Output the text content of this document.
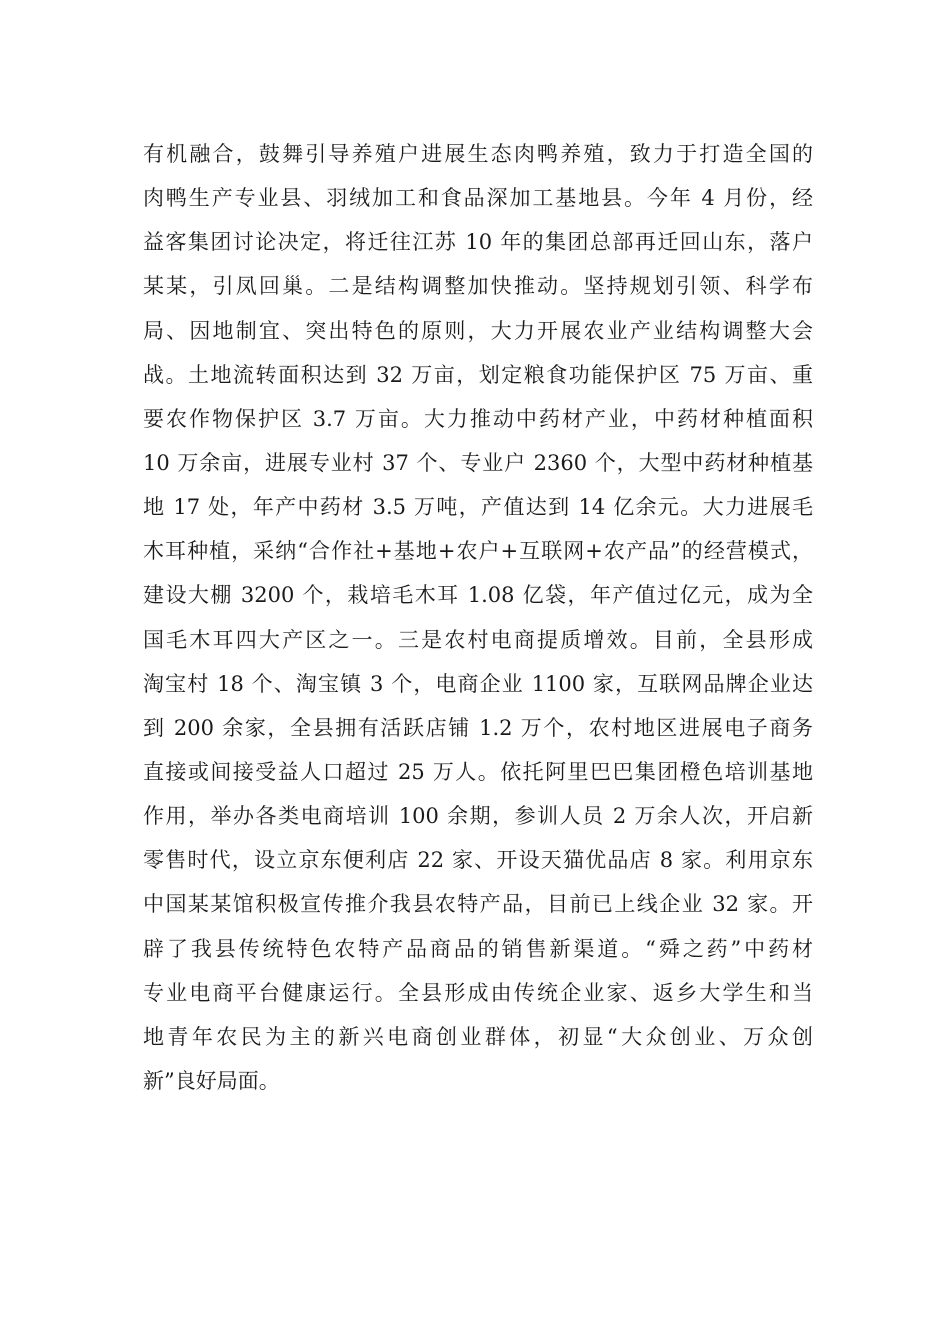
有机融合，鼓舞引导养殖户进展生态肉鸭养殖，致力于打造全国的
肉鸭生产专业县、羽绒加工和食品深加工基地县。今年 4 月份，经
益客集团讨论决定，将迁往江苏 10 年的集团总部再迁回山东，落户
某某，引凤回巢。二是结构调整加快推动。坚持规划引领、科学布
局、因地制宜、突出特色的原则，大力开展农业产业结构调整大会
战。土地流转面积达到 32 万亩，划定粮食功能保护区 75 万亩、重
要农作物保护区 3.7 万亩。大力推动中药材产业，中药材种植面积
10 万余亩，进展专业村 37 个、专业户 2360 个，大型中药材种植基
地 17 处，年产中药材 3.5 万吨，产值达到 14 亿余元。大力进展毛
木耳种植，采纳“合作社+基地+农户+互联网+农产品”的经营模式，
建设大棚 3200 个，栽培毛木耳 1.08 亿袋，年产值过亿元，成为全
国毛木耳四大产区之一。三是农村电商提质增效。目前，全县形成
淘宝村 18 个、淘宝镇 3 个，电商企业 1100 家，互联网品牌企业达
到 200 余家，全县拥有活跃店铺 1.2 万个，农村地区进展电子商务
直接或间接受益人口超过 25 万人。依托阿里巴巴集团橙色培训基地
作用，举办各类电商培训 100 余期，参训人员 2 万余人次，开启新
零售时代，设立京东便利店 22 家、开设天猫优品店 8 家。利用京东
中国某某馆积极宣传推介我县农特产品，目前已上线企业 32 家。开
辟了我县传统特色农特产品商品的销售新渠道。“舜之药”中药材
专业电商平台健康运行。全县形成由传统企业家、返乡大学生和当
地青年农民为主的新兴电商创业群体，初显“大众创业、万众创
新”良好局面。
